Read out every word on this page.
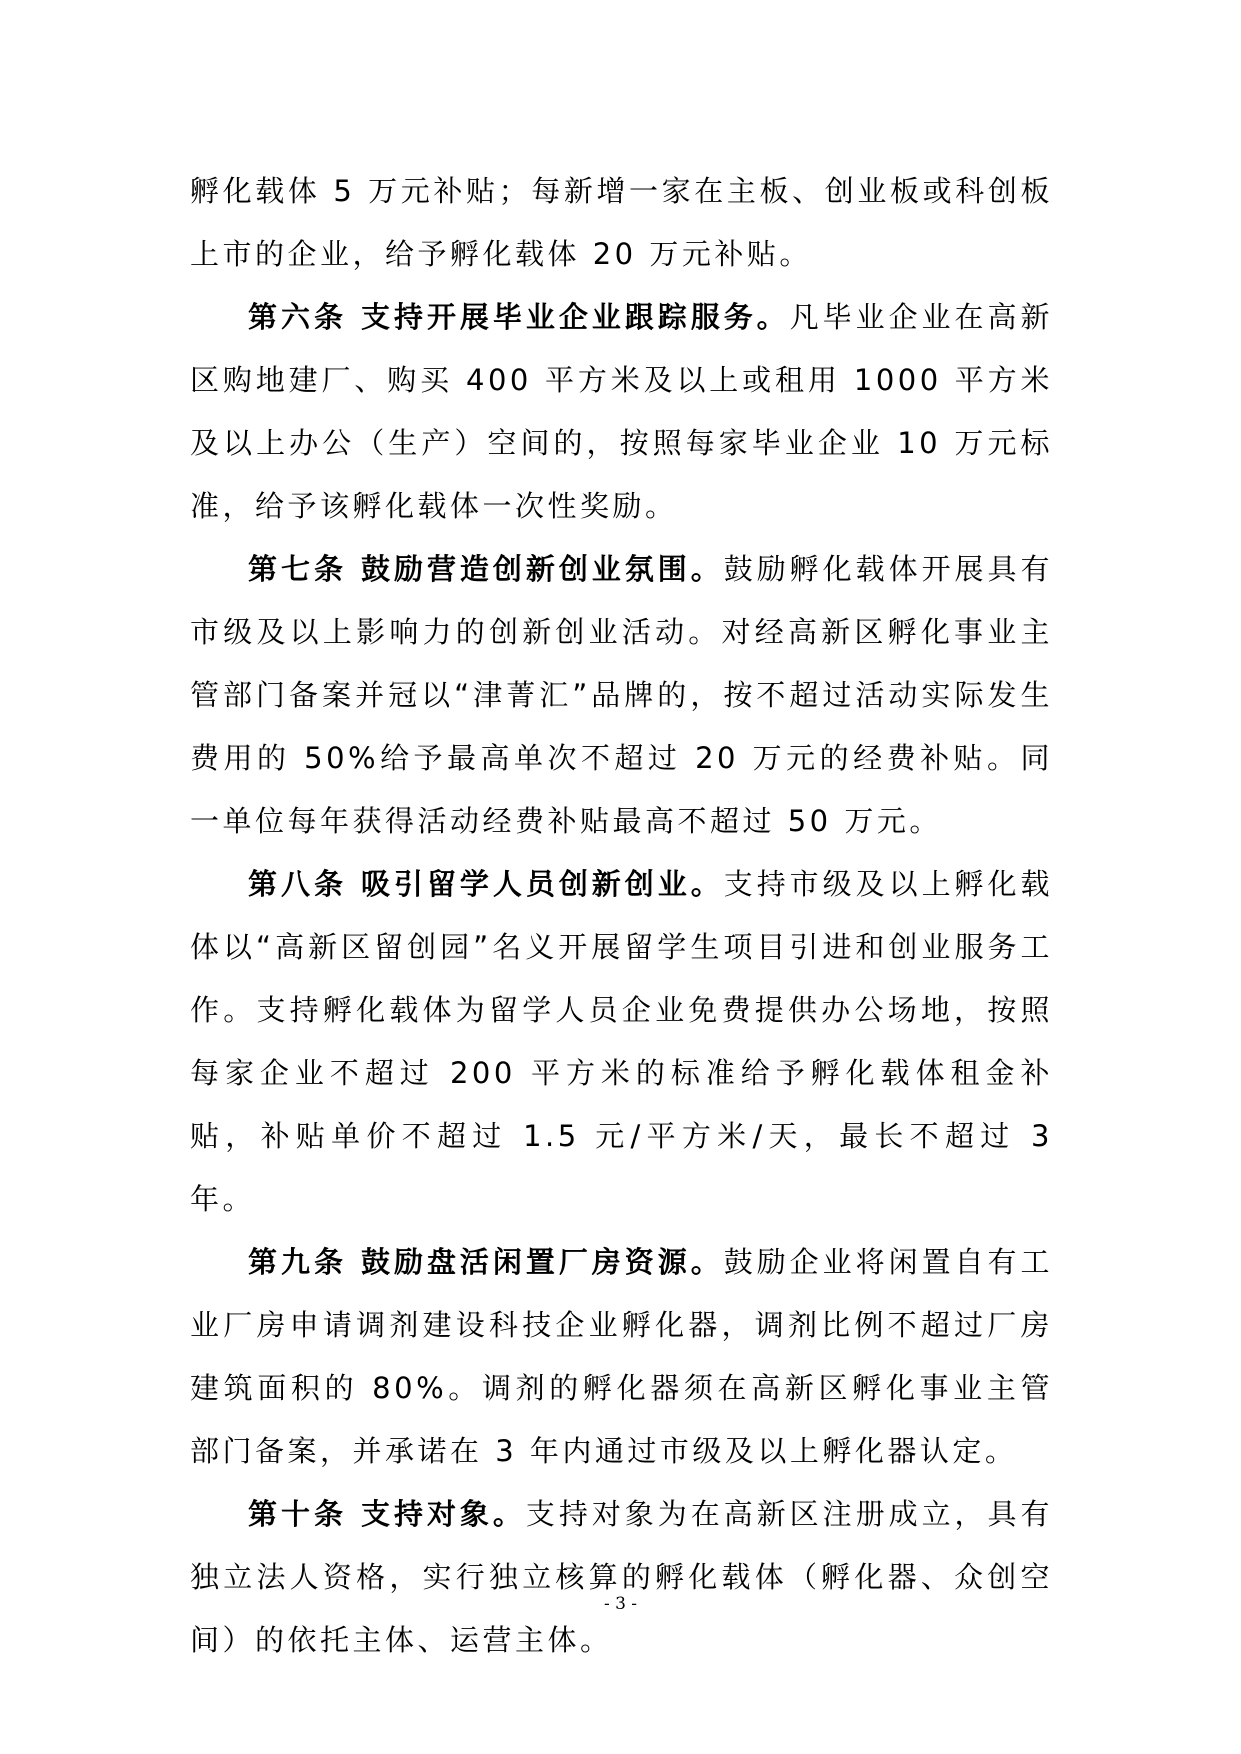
孵化载体 5 万元补贴；每新增一家在主板、创业板或科创板上市的企业，给予孵化载体 20 万元补贴。

第六条 支持开展毕业企业跟踪服务。凡毕业企业在高新区购地建厂、购买 400 平方米及以上或租用 1000 平方米及以上办公（生产）空间的，按照每家毕业企业 10 万元标准，给予该孵化载体一次性奖励。

第七条 鼓励营造创新创业氛围。鼓励孵化载体开展具有市级及以上影响力的创新创业活动。对经高新区孵化事业主管部门备案并冠以“津菁汇”品牌的，按不超过活动实际发生费用的 50%给予最高单次不超过 20 万元的经费补贴。同一单位每年获得活动经费补贴最高不超过 50 万元。

第八条 吸引留学人员创新创业。支持市级及以上孵化载体以“高新区留创园”名义开展留学生项目引进和创业服务工作。支持孵化载体为留学人员企业免费提供办公场地，按照每家企业不超过 200 平方米的标准给予孵化载体租金补贴，补贴单价不超过 1.5 元/平方米/天，最长不超过 3 年。

第九条 鼓励盘活闲置厂房资源。鼓励企业将闲置自有工业厂房申请调剂建设科技企业孵化器，调剂比例不超过厂房建筑面积的 80%。调剂的孵化器须在高新区孵化事业主管部门备案，并承诺在 3 年内通过市级及以上孵化器认定。

第十条 支持对象。支持对象为在高新区注册成立，具有独立法人资格，实行独立核算的孵化载体（孵化器、众创空间）的依托主体、运营主体。

- 3 -
